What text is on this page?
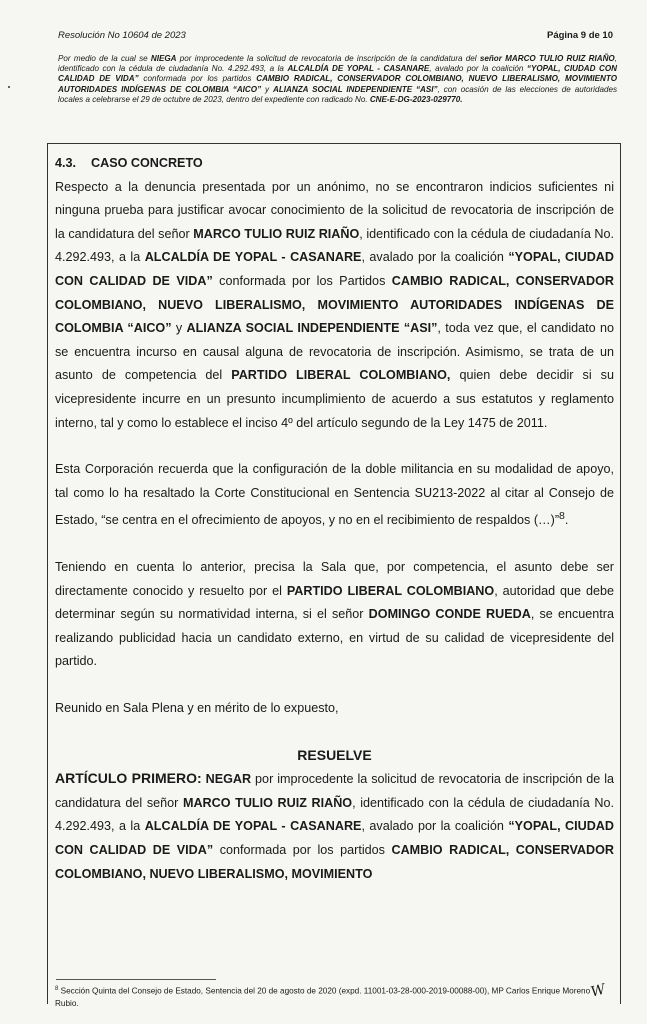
Resolución No 10604 de 2023	Página 9 de 10
Por medio de la cual se NIEGA por improcedente la solicitud de revocatoria de inscripción de la candidatura del señor MARCO TULIO RUIZ RIAÑO, identificado con la cédula de ciudadanía No. 4.292.493, a la ALCALDÍA DE YOPAL - CASANARE, avalado por la coalición “YOPAL, CIUDAD CON CALIDAD DE VIDA” conformada por los partidos CAMBIO RADICAL, CONSERVADOR COLOMBIANO, NUEVO LIBERALISMO, MOVIMIENTO AUTORIDADES INDÍGENAS DE COLOMBIA “AICO” y ALIANZA SOCIAL INDEPENDIENTE “ASI”, con ocasión de las elecciones de autoridades locales a celebrarse el 29 de octubre de 2023, dentro del expediente con radicado No. CNE-E-DG-2023-029770.

4.3. CASO CONCRETO

Respecto a la denuncia presentada por un anónimo, no se encontraron indicios suficientes ni ninguna prueba para justificar avocar conocimiento de la solicitud de revocatoria de inscripción de la candidatura del señor MARCO TULIO RUIZ RIAÑO, identificado con la cédula de ciudadanía No. 4.292.493, a la ALCALDÍA DE YOPAL - CASANARE, avalado por la coalición “YOPAL, CIUDAD CON CALIDAD DE VIDA” conformada por los Partidos CAMBIO RADICAL, CONSERVADOR COLOMBIANO, NUEVO LIBERALISMO, MOVIMIENTO AUTORIDADES INDÍGENAS DE COLOMBIA “AICO” y ALIANZA SOCIAL INDEPENDIENTE “ASI”, toda vez que, el candidato no se encuentra incurso en causal alguna de revocatoria de inscripción. Asimismo, se trata de un asunto de competencia del PARTIDO LIBERAL COLOMBIANO, quien debe decidir si su vicepresidente incurre en un presunto incumplimiento de acuerdo a sus estatutos y reglamento interno, tal y como lo establece el inciso 4º del artículo segundo de la Ley 1475 de 2011.

Esta Corporación recuerda que la configuración de la doble militancia en su modalidad de apoyo, tal como lo ha resaltado la Corte Constitucional en Sentencia SU213-2022 al citar al Consejo de Estado, “se centra en el ofrecimiento de apoyos, y no en el recibimiento de respaldos (…)”$^8$.

Teniendo en cuenta lo anterior, precisa la Sala que, por competencia, el asunto debe ser directamente conocido y resuelto por el PARTIDO LIBERAL COLOMBIANO, autoridad que debe determinar según su normatividad interna, si el señor DOMINGO CONDE RUEDA, se encuentra realizando publicidad hacia un candidato externo, en virtud de su calidad de vicepresidente del partido.

Reunido en Sala Plena y en mérito de lo expuesto,

RESUELVE

ARTÍCULO PRIMERO: NEGAR por improcedente la solicitud de revocatoria de inscripción de la candidatura del señor MARCO TULIO RUIZ RIAÑO, identificado con la cédula de ciudadanía No. 4.292.493, a la ALCALDÍA DE YOPAL - CASANARE, avalado por la coalición “YOPAL, CIUDAD CON CALIDAD DE VIDA” conformada por los partidos CAMBIO RADICAL, CONSERVADOR COLOMBIANO, NUEVO LIBERALISMO, MOVIMIENTO

$^8$ Sección Quinta del Consejo de Estado, Sentencia del 20 de agosto de 2020 (expd. 11001-03-28-000-2019-00088-00), MP Carlos Enrique Moreno Rubio.
W
